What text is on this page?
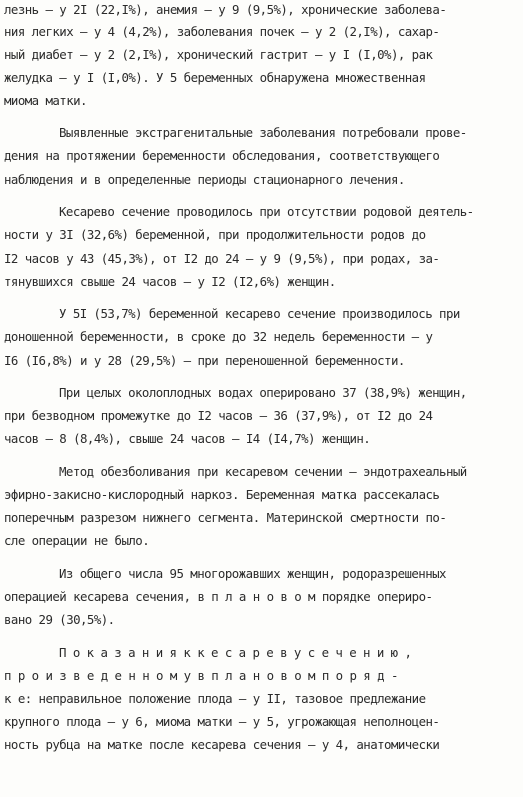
лезнь – у 2I (22,I%), анемия – у 9 (9,5%), хронические заболева-
ния легких – у 4 (4,2%), заболевания почек – у 2 (2,I%), сахар-
ный диабет – у 2 (2,I%), хронический гастрит – у I (I,0%), рак
желудка – у I (I,0%). У 5 беременных обнаружена множественная
миома матки.
Выявленные экстрагенитальные заболевания потребовали прове-
дения на протяжении беременности обследования, соответствующего
наблюдения и в определенные периоды стационарного лечения.
Кесарево сечение проводилось при отсутствии родовой деятель-
ности у 3I (32,6%) беременной, при продолжительности родов до
I2 часов у 43 (45,3%), от I2 до 24 – у 9 (9,5%), при родах, за-
тянувшихся свыше 24 часов – у I2 (I2,6%) женщин.
У 5I (53,7%) беременной кесарево сечение производилось при
доношенной беременности, в сроке до 32 недель беременности – у
I6 (I6,8%) и у 28 (29,5%) – при переношенной беременности.
При целых околоплодных водах оперировано 37 (38,9%) женщин,
при безводном промежутке до I2 часов – 36 (37,9%), от I2 до 24
часов – 8 (8,4%), свыше 24 часов – I4 (I4,7%) женщин.
Метод обезболивания при кесаревом сечении – эндотрахеальный
эфирно-закисно-кислородный наркоз. Беременная матка рассекалась
поперечным разрезом нижнего сегмента. Материнской смертности по-
сле операции не было.
Из общего числа 95 многорожавших женщин, родоразрешенных
операцией кесарева сечения, в п л а н о в о м порядке опериро-
вано 29 (30,5%).
П о к а з а н и я к к е с а р е в у с е ч е н и ю ,
п р о и з в е д е н н о м у в п л а н о в о м п о р я д -
к е: неправильное положение плода – у II, тазовое предлежание
крупного плода – у 6, миома матки – у 5, угрожающая неполноцен-
ность рубца на матке после кесарева сечения – у 4, анатомически
